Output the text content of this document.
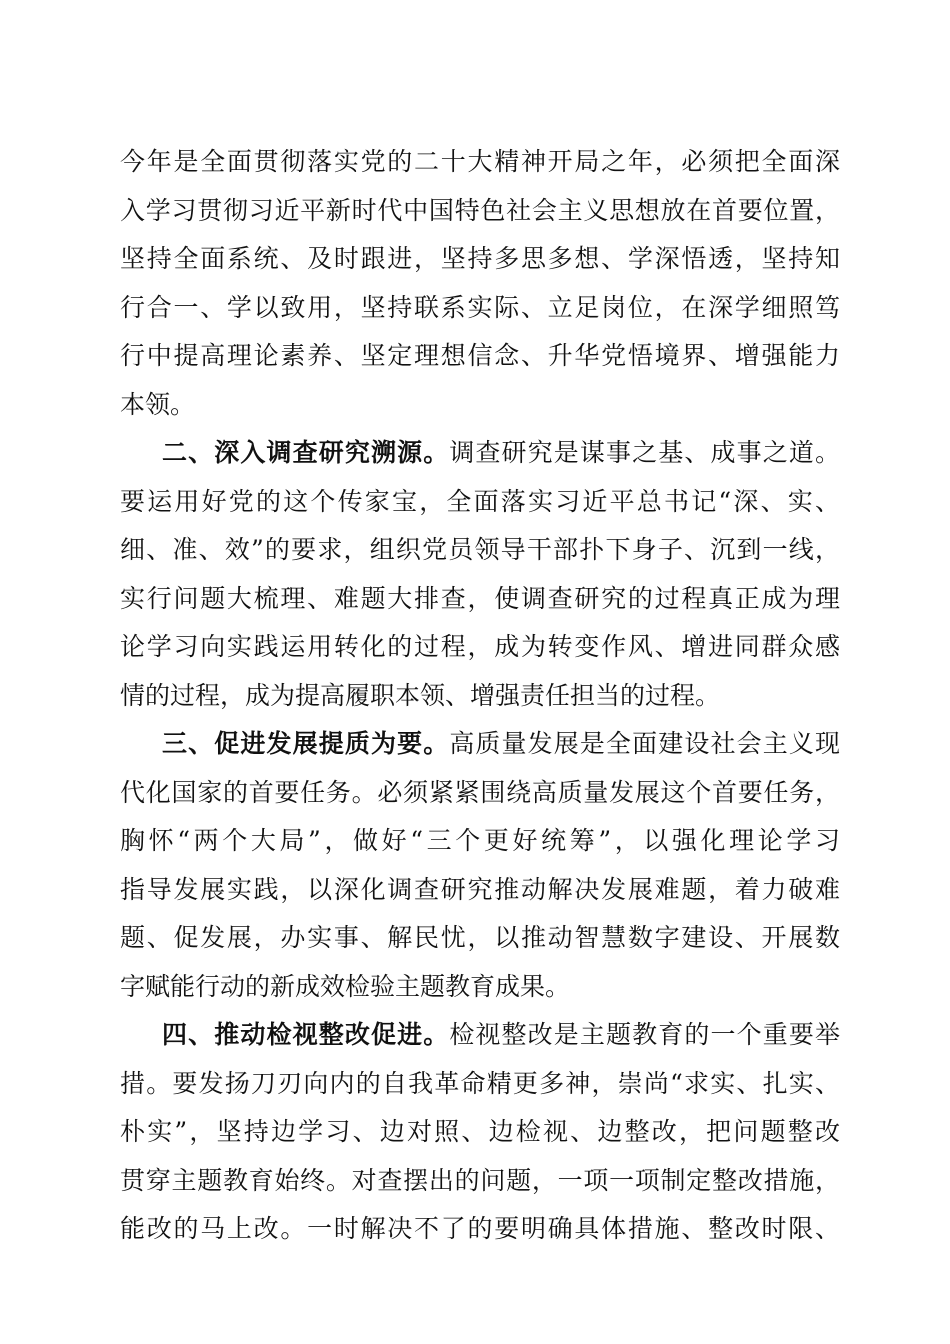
今年是全面贯彻落实党的二十大精神开局之年，必须把全面深
入学习贯彻习近平新时代中国特色社会主义思想放在首要位置，
坚持全面系统、及时跟进，坚持多思多想、学深悟透，坚持知
行合一、学以致用，坚持联系实际、立足岗位，在深学细照笃
行中提高理论素养、坚定理想信念、升华党悟境界、增强能力
本领。
二、深入调查研究溯源。调查研究是谋事之基、成事之道。
要运用好党的这个传家宝，全面落实习近平总书记“深、实、
细、准、效”的要求，组织党员领导干部扑下身子、沉到一线，
实行问题大梳理、难题大排查，使调查研究的过程真正成为理
论学习向实践运用转化的过程，成为转变作风、增进同群众感
情的过程，成为提高履职本领、增强责任担当的过程。
三、促进发展提质为要。高质量发展是全面建设社会主义现
代化国家的首要任务。必须紧紧围绕高质量发展这个首要任务，
胸怀“两个大局”，做好“三个更好统筹”，以强化理论学习
指导发展实践，以深化调查研究推动解决发展难题，着力破难
题、促发展，办实事、解民忧，以推动智慧数字建设、开展数
字赋能行动的新成效检验主题教育成果。
四、推动检视整改促进。检视整改是主题教育的一个重要举
措。要发扬刀刃向内的自我革命精更多神，崇尚“求实、扎实、
朴实”，坚持边学习、边对照、边检视、边整改，把问题整改
贯穿主题教育始终。对查摆出的问题，一项一项制定整改措施，
能改的马上改。一时解决不了的要明确具体措施、整改时限、
